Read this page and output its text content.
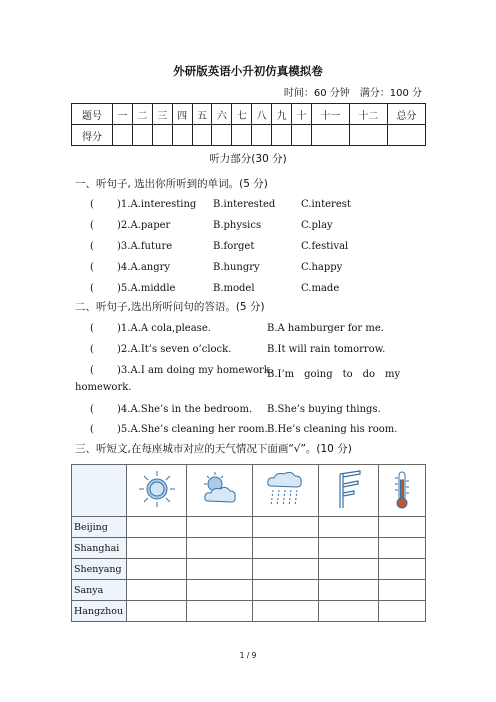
外研版英语小升初仿真模拟卷
时间：60 分钟　满分：100 分
题号	一	二	三	四	五	六	七	八	九	十	十一	十二	总分
得分													
听力部分(30 分)
一、听句子, 选出你所听到的单词。(5 分)
( )1.A.interesting B.interested	C.interest
( )2.A.paper	B.physics	C.play
( )3.A.future	B.forget	C.festival
( )4.A.angry	B.hungry	C.happy
( )5.A.middle	B.model	C.made
二、听句子,选出所听问句的答语。(5 分)
( )1.A.A cola,please.	B.A hamburger for me.
( )2.A.It’s seven o’clock.	B.It will rain tomorrow.
( )3.A.I am doing my homework.
B.I’m　going　to　do　my
homework.
( )4.A.She’s in the bedroom. B.She’s buying things.
( )5.A.She’s cleaning her room. B.He’s cleaning his room.
三、听短文,在每座城市对应的天气情况下面画“√”。(10 分)

Beijing					
Shanghai					
Shenyang					
Sanya					
Hangzhou					
1 / 9
